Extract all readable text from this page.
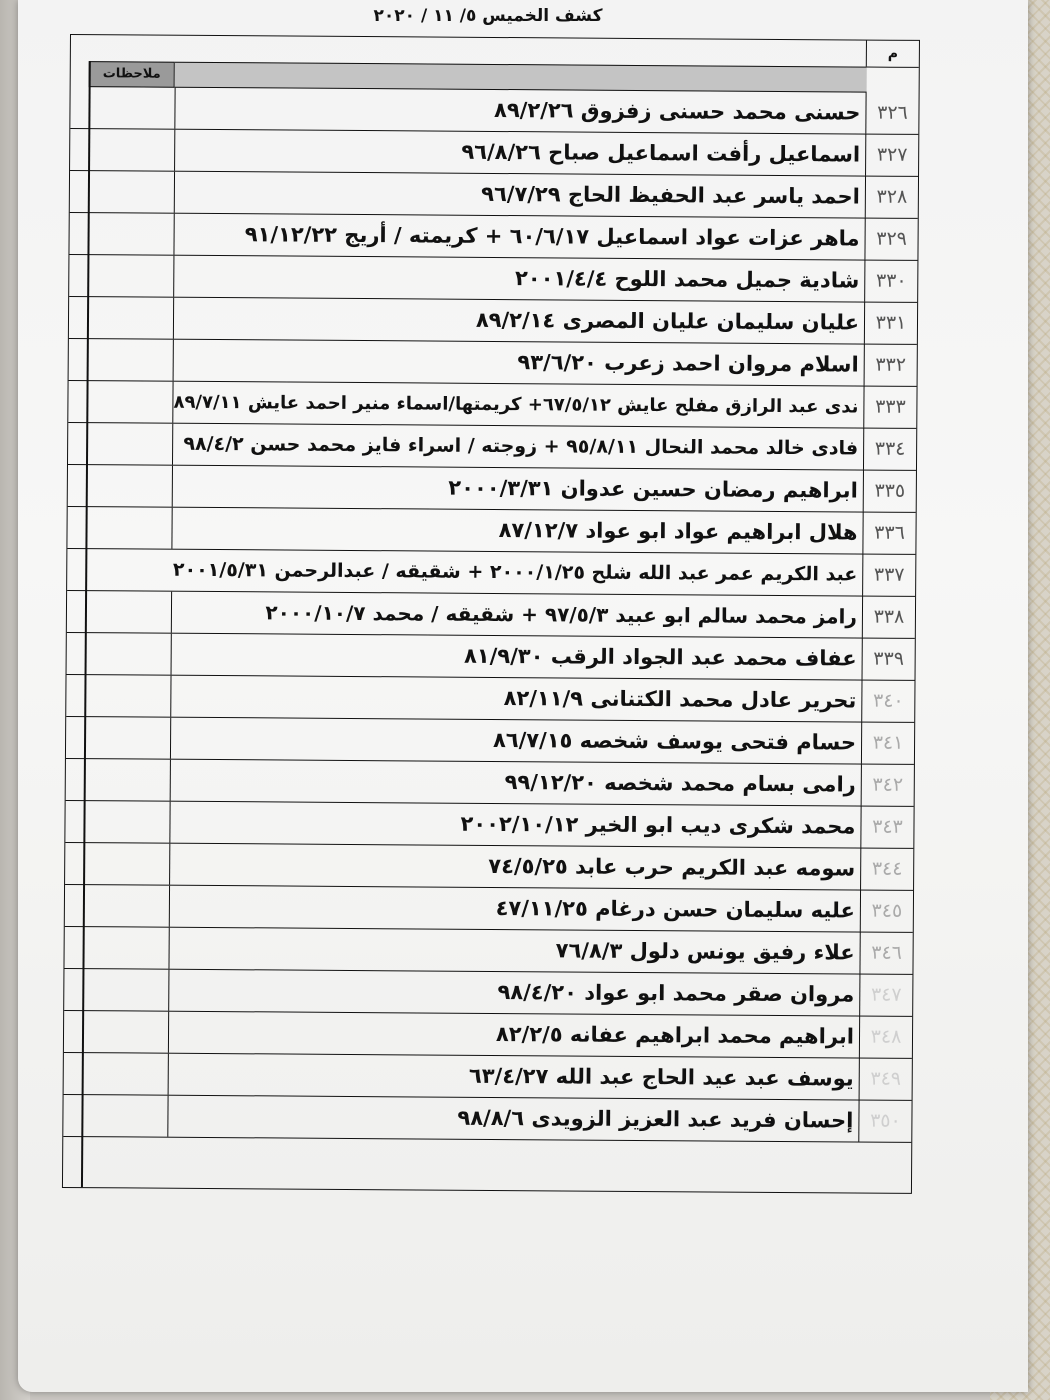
كشف الخميس ٥/ ١١ / ٢٠٢٠
م
ملاحظات
حسنى محمد حسنى زفزوق ٨٩/٢/٢٦ ٣٢٦
اسماعيل رأفت اسماعيل صباح ٩٦/٨/٢٦ ٣٢٧
احمد ياسر عبد الحفيظ الحاج ٩٦/٧/٢٩ ٣٢٨
ماهر عزات عواد اسماعيل ٦٠/٦/١٧ + كريمته / أريج ٩١/١٢/٢٢ ٣٢٩
شادية جميل محمد اللوح ٢٠٠١/٤/٤ ٣٣٠
عليان سليمان عليان المصرى ٨٩/٢/١٤ ٣٣١
اسلام مروان احمد زعرب ٩٣/٦/٢٠ ٣٣٢
ندى عبد الرازق مفلح عايش ٦٧/٥/١٢+ كريمتها/اسماء منير احمد عايش ٨٩/٧/١١ ٣٣٣
فادى خالد محمد النحال ٩٥/٨/١١ + زوجته / اسراء فايز محمد حسن ٩٨/٤/٢ ٣٣٤
ابراهيم رمضان حسين عدوان ٢٠٠٠/٣/٣١ ٣٣٥
هلال ابراهيم عواد ابو عواد ٨٧/١٢/٧ ٣٣٦
عبد الكريم عمر عبد الله شلح ٢٠٠٠/١/٢٥ + شقيقه / عبدالرحمن ٢٠٠١/٥/٣١ ٣٣٧
رامز محمد سالم ابو عبيد ٩٧/٥/٣ + شقيقه / محمد ٢٠٠٠/١٠/٧ ٣٣٨
عفاف محمد عبد الجواد الرقب ٨١/٩/٣٠ ٣٣٩
تحرير عادل محمد الكتنانى ٨٢/١١/٩ ٣٤٠
حسام فتحى يوسف شخصه ٨٦/٧/١٥ ٣٤١
رامى بسام محمد شخصه ٩٩/١٢/٢٠ ٣٤٢
محمد شكرى ديب ابو الخير ٢٠٠٢/١٠/١٢ ٣٤٣
سومه عبد الكريم حرب عابد ٧٤/٥/٢٥ ٣٤٤
عليه سليمان حسن درغام ٤٧/١١/٢٥ ٣٤٥
علاء رفيق يونس دلول ٧٦/٨/٣ ٣٤٦
مروان صقر محمد ابو عواد ٩٨/٤/٢٠ ٣٤٧
ابراهيم محمد ابراهيم عفانه ٨٢/٢/٥ ٣٤٨
يوسف عبد عيد الحاج عبد الله ٦٣/٤/٢٧ ٣٤٩
إحسان فريد عبد العزيز الزويدى ٩٨/٨/٦ ٣٥٠
